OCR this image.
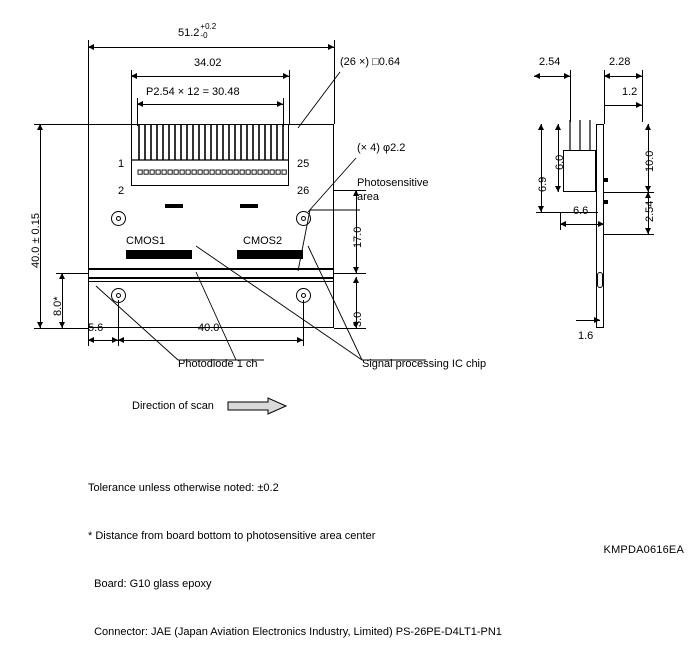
1
2
25
26
CMOS1	CMOS2
51.2
+0.2
-0
34.02
P2.54 × 12 = 30.48
(26 ×) □0.64
(× 4) φ2.2
Photosensitive
area
40.0 ± 0.15
8.0*
5.6	40.0
17.0
3.0
Photodiode 1 ch	Signal processing IC chip
2.54	2.28
1.2
6.0
6.9
10.0
2.54
6.6
1.6
Direction of scan

Tolerance unless otherwise noted: ±0.2

* Distance from board bottom to photosensitive area center

Board: G10 glass epoxy

Connector: JAE (Japan Aviation Electronics Industry, Limited) PS-26PE-D4LT1-PN1

KMPDA0616EA
